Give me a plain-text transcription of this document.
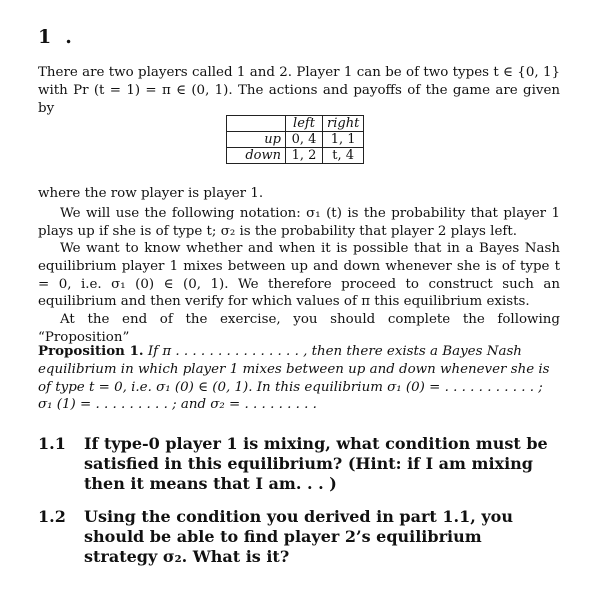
1 .
There are two players called 1 and 2. Player 1 can be of two types t ∈ {0, 1} with Pr (t = 1) = π ∈ (0, 1). The actions and payoffs of the game are given by
	left	right
up	0, 4	1, 1
down	1, 2	t, 4
where the row player is player 1.
We will use the following notation: σ₁ (t) is the probability that player 1 plays up if she is of type t; σ₂ is the probability that player 2 plays left.
We want to know whether and when it is possible that in a Bayes Nash equilibrium player 1 mixes between up and down whenever she is of type t = 0, i.e. σ₁ (0) ∈ (0, 1). We therefore proceed to construct such an equilibrium and then verify for which values of π this equilibrium exists.
At the end of the exercise, you should complete the following “Proposition”
Proposition 1. If π . . . . . . . . . . . . . . . , then there exists a Bayes Nash equilibrium in which player 1 mixes between up and down whenever she is of type t = 0, i.e. σ₁ (0) ∈ (0, 1). In this equilibrium σ₁ (0) = . . . . . . . . . . . ; σ₁ (1) = . . . . . . . . . ; and σ₂ = . . . . . . . . .
1.1 If type-0 player 1 is mixing, what condition must be satisfied in this equilibrium? (Hint: if I am mixing then it means that I am. . . )
1.2 Using the condition you derived in part 1.1, you should be able to find player 2’s equilibrium strategy σ₂. What is it?
